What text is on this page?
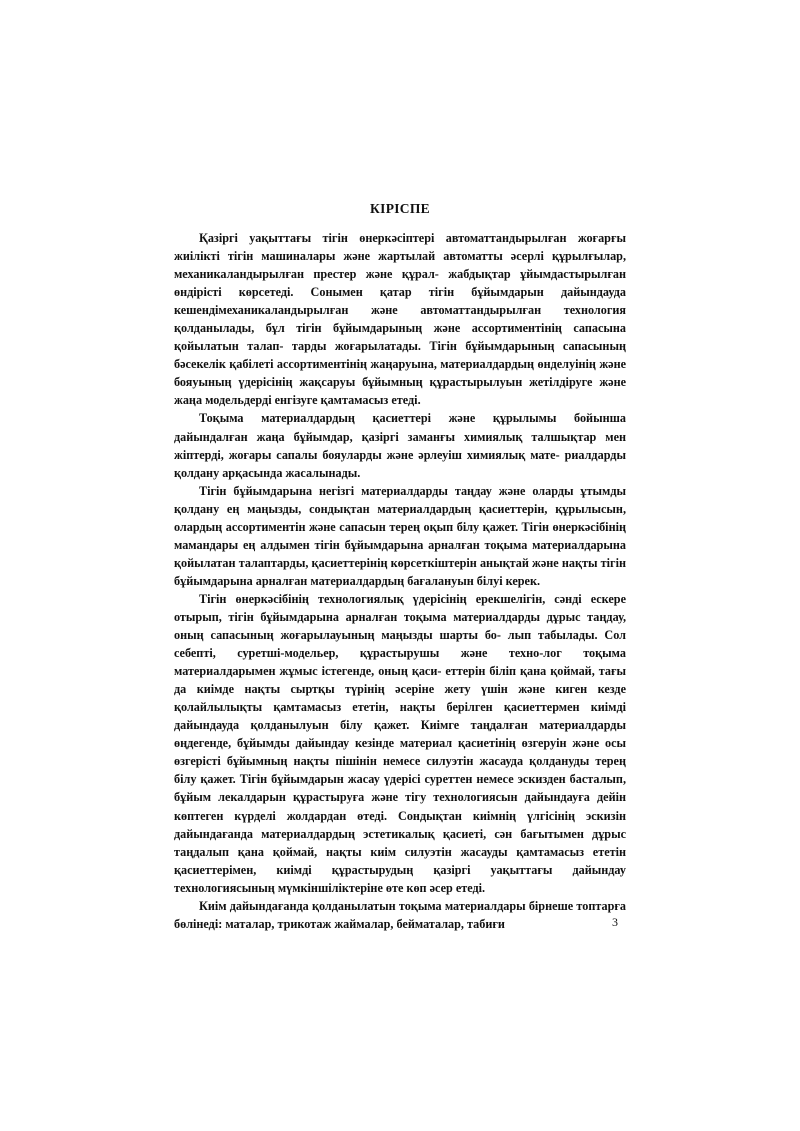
КІРІСПЕ

Қазіргі уақыттағы тігін өнеркәсіптері автоматтандырылған жоғарғы жиілікті тігін машиналары және жартылай автоматты әсерлі құрылғылар, механикаландырылған престер және құрал- жабдықтар ұйымдастырылған өндірісті көрсетеді. Сонымен қатар тігін бұйымдарын дайындауда кешендімеханикаландырылған және автоматтандырылған технология қолданылады, бұл тігін бұйымдарының және ассортиментінің сапасына қойылатын талап- тарды жоғарылатады. Тігін бұйымдарының сапасының бәсекелік қабілеті ассортиментінің жаңаруына, материалдардың өнделуінің және бояуының үдерісінің жақсаруы бұйымның құрастырылуын жетілдіруге және жаңа модельдерді енгізуге қамтамасыз етеді.

Тоқыма материалдардың қасиеттері және құрылымы бойынша дайындалған жаңа бұйымдар, қазіргі заманғы химиялық талшықтар мен жіптерді, жоғары сапалы бояуларды және әрлеуіш химиялық мате- риалдарды қолдану арқасында жасалынады.

Тігін бұйымдарына негізгі материалдарды таңдау және оларды ұтымды қолдану ең маңызды, сондықтан материалдардың қасиеттерін, құрылысын, олардың ассортиментін және сапасын терең оқып білу қажет. Тігін өнеркәсібінің мамандары ең алдымен тігін бұйымдарына арналған тоқыма материалдарына қойылатан талаптарды, қасиеттерінің көрсеткіштерін анықтай және нақты тігін бұйымдарына арналған материалдардың бағалануын білуі керек.

Тігін өнеркәсібінің технологиялық үдерісінің ерекшелігін, сәнді ескере отырып, тігін бұйымдарына арналған тоқыма материалдарды дұрыс таңдау, оның сапасының жоғарылауының маңызды шарты бо- лып табылады. Сол себепті, суретші-модельер, құрастырушы және техно-лог тоқыма материалдарымен жұмыс істегенде, оның қаси- еттерін біліп қана қоймай, тағы да киімде нақты сыртқы түрінің әсеріне жету үшін және киген кезде қолайлылықты қамтамасыз ететін, нақты берілген қасиеттермен киімді дайындауда қолданылуын білу қажет. Киімге таңдалған материалдарды өңдегенде, бұйымды дайындау кезінде материал қасиетінің өзгеруін және осы өзгерісті бұйымның нақты пішінін немесе силуэтін жасауда қолдануды терең білу қажет. Тігін бұйымдарын жасау үдерісі суреттен немесе эскизден басталып, бұйым лекалдарын құрастыруға және тігу технологиясын дайындауға дейін көптеген күрделі жолдардан өтеді. Сондықтан киімнің үлгісінің эскизін дайындағанда материалдардың эстетикалық қасиеті, сән бағытымен дұрыс таңдалып қана қоймай, нақты киім силуэтін жасауды қамтамасыз ететін қасиеттерімен, киімді құрастырудың қазіргі уақыттағы дайындау технологиясының мүмкіншіліктеріне өте көп әсер етеді.

Киім дайындағанда қолданылатын тоқыма материалдары бірнеше топтарға бөлінеді: маталар, трикотаж жаймалар, бейматалар, табиғи	3
